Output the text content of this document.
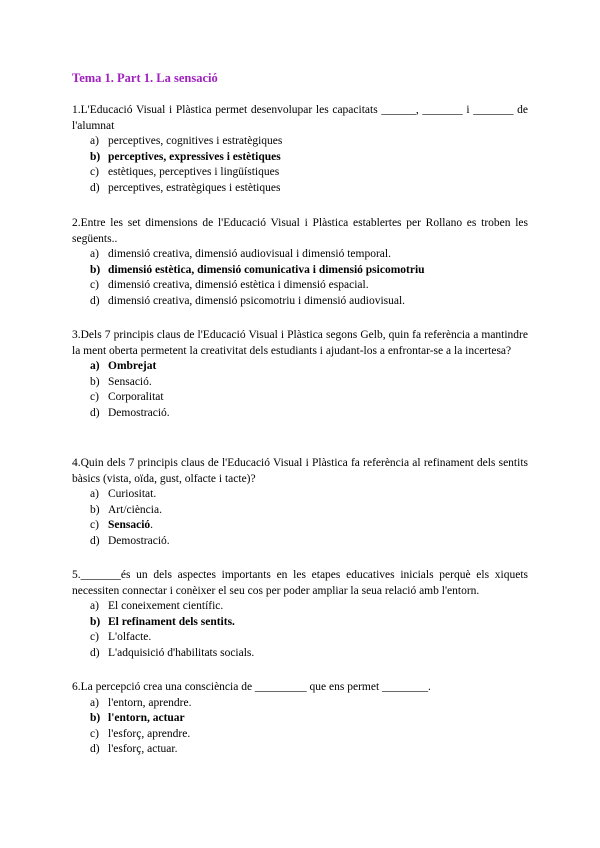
Tema 1. Part 1. La sensació
1.L'Educació Visual i Plàstica permet desenvolupar les capacitats ______, _______ i _______ de l'alumnat
a) perceptives, cognitives i estratègiques
b) perceptives, expressives i estètiques
c) estètiques, perceptives i lingüístiques
d) perceptives, estratègiques i estètiques
2.Entre les set dimensions de l'Educació Visual i Plàstica establertes per Rollano es troben les següents..
a) dimensió creativa, dimensió audiovisual i dimensió temporal.
b) dimensió estètica, dimensió comunicativa i dimensió psicomotriu
c) dimensió creativa, dimensió estètica i dimensió espacial.
d) dimensió creativa, dimensió psicomotriu i dimensió audiovisual.
3.Dels 7 principis claus de l'Educació Visual i Plàstica segons Gelb, quin fa referència a mantindre la ment oberta permetent la creativitat dels estudiants i ajudant-los a enfrontar-se a la incertesa?
a) Ombrejat
b) Sensació.
c) Corporalitat
d) Demostració.
4.Quin dels 7 principis claus de l'Educació Visual i Plàstica fa referència al refinament dels sentits bàsics (vista, oïda, gust, olfacte i tacte)?
a) Curiositat.
b) Art/ciència.
c) Sensació .
d) Demostració.
5._______és un dels aspectes importants en les etapes educatives inicials perquè els xiquets necessiten connectar i conèixer el seu cos per poder ampliar la seua relació amb l'entorn.
a) El coneixement científic.
b) El refinament dels sentits.
c) L'olfacte.
d) L'adquisició d'habilitats socials.
6.La percepció crea una consciència de _________ que ens permet ________.
a) l'entorn, aprendre.
b) l'entorn, actuar
c) l'esforç, aprendre.
d) l'esforç, actuar.
